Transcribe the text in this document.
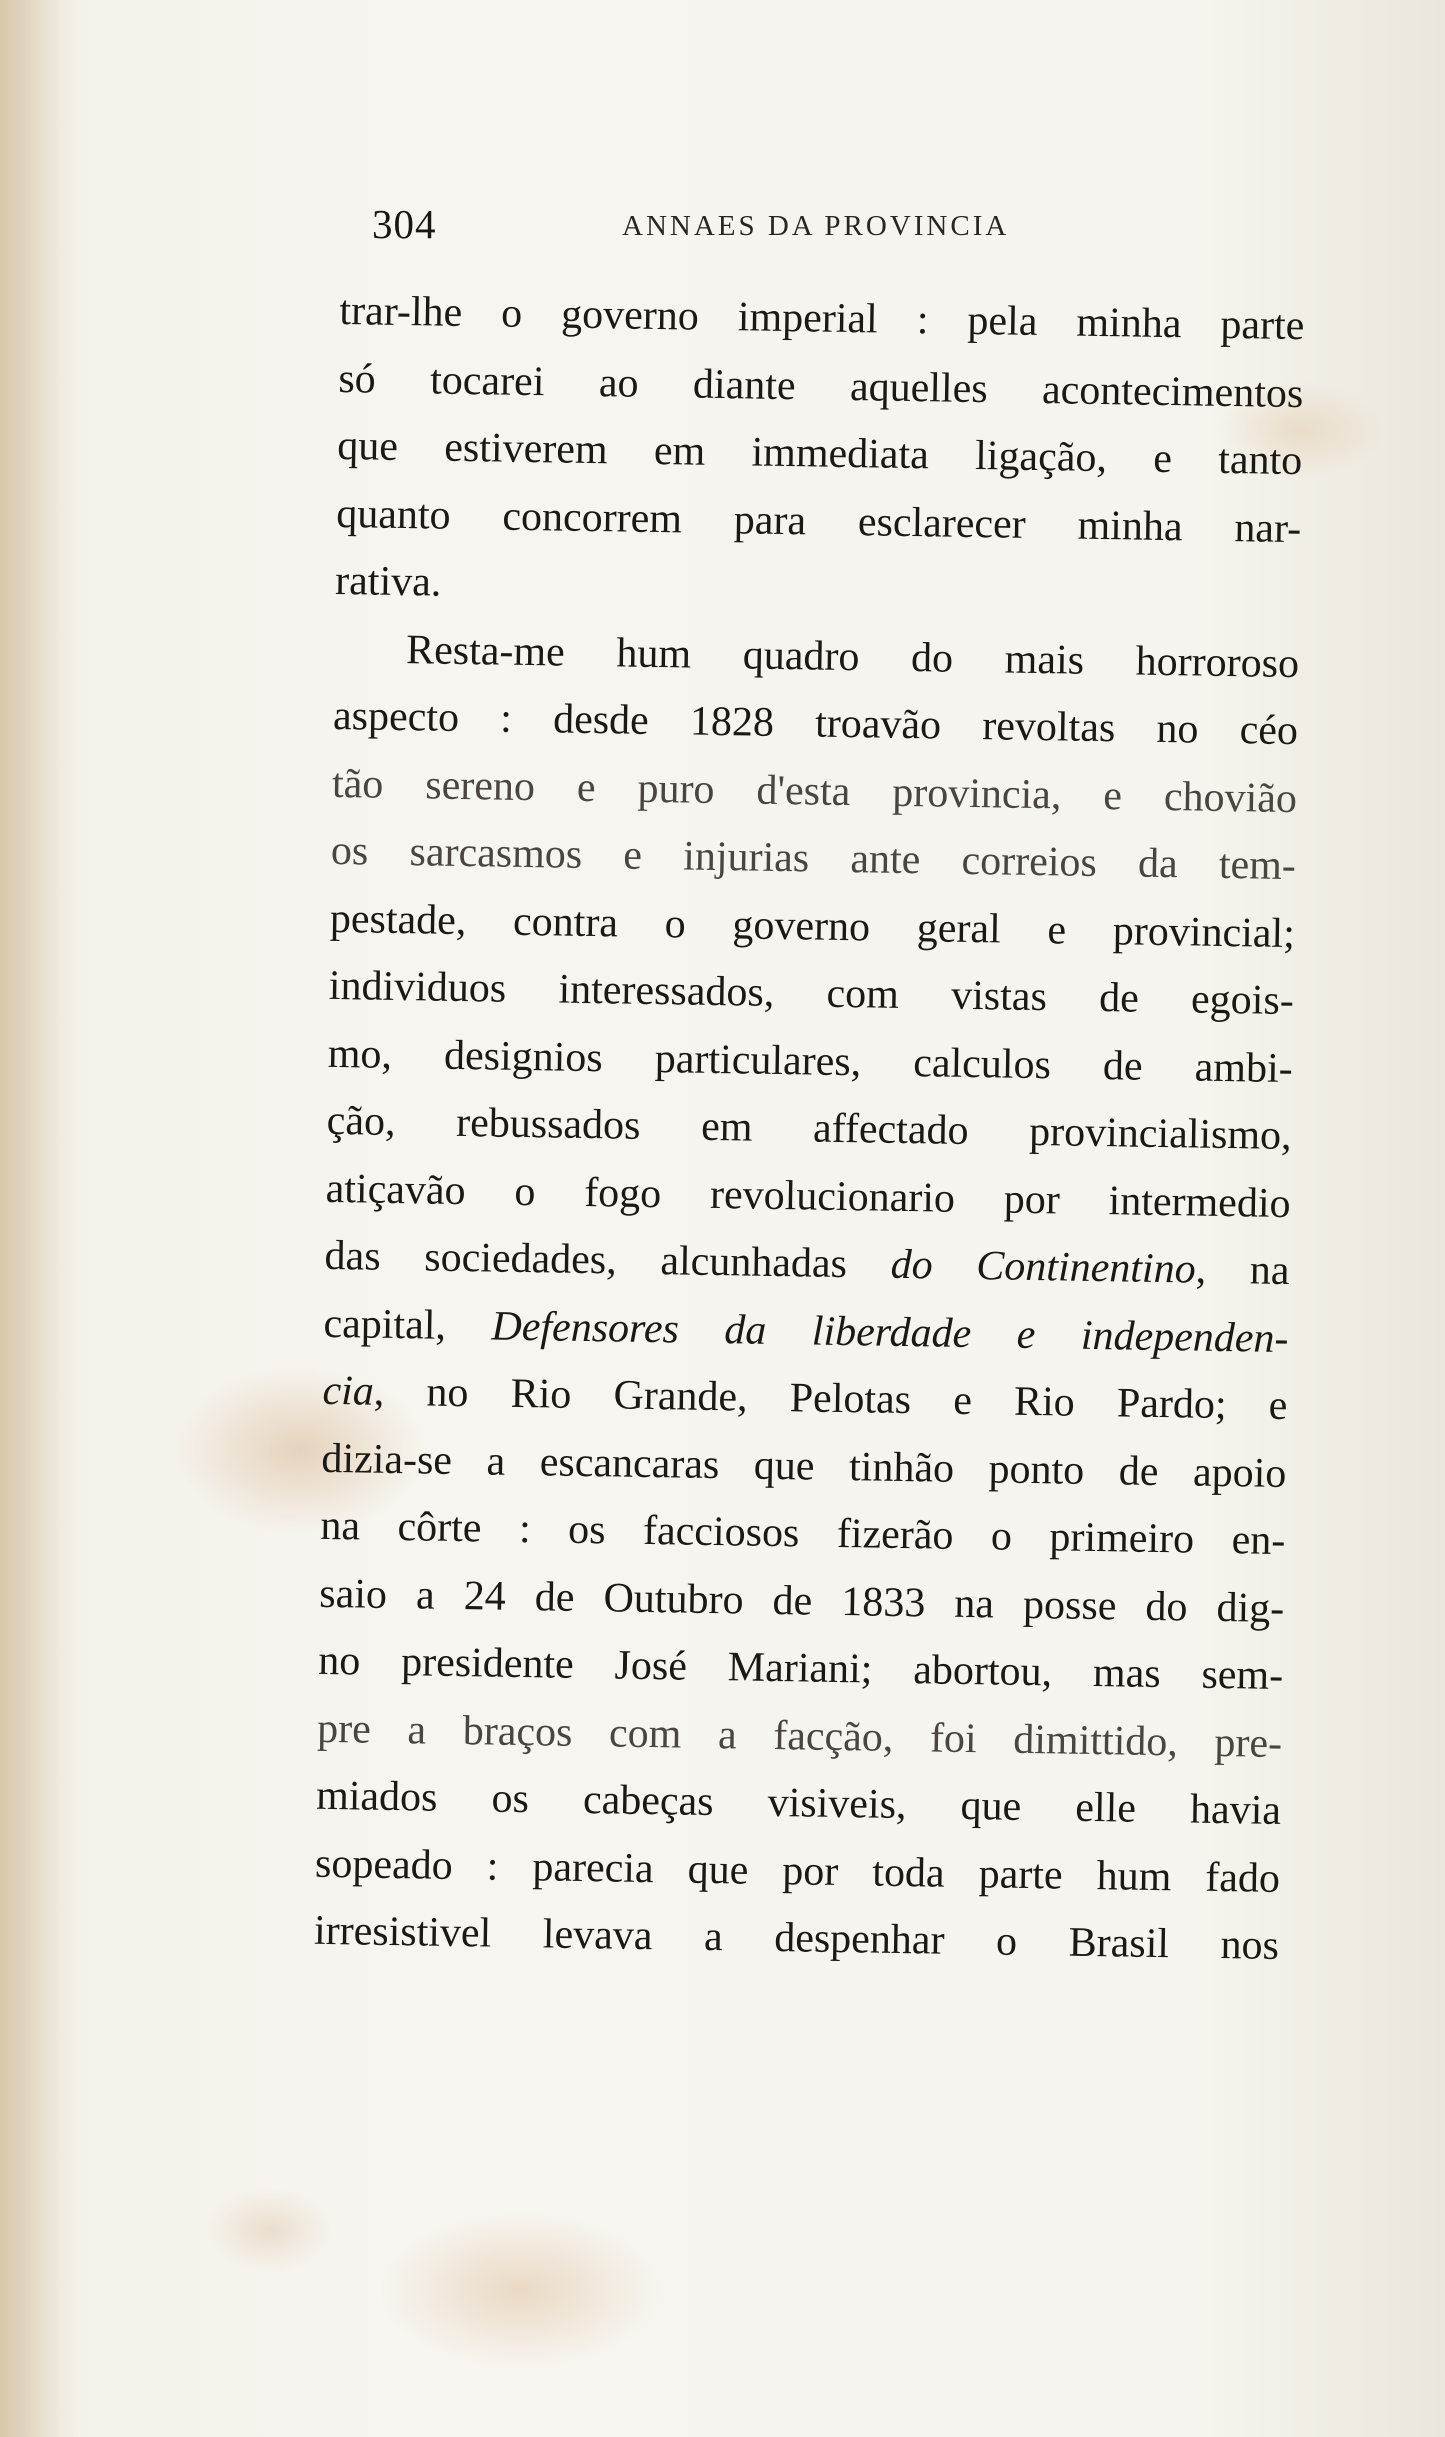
304	ANNAES DA PROVINCIA
trar-lhe o governo imperial : pela minha parte
só tocarei ao diante aquelles acontecimentos
que estiverem em immediata ligação, e tanto
quanto concorrem para esclarecer minha nar-
rativa.
Resta-me hum quadro do mais horroroso
aspecto : desde 1828 troavão revoltas no céo
tão sereno e puro d'esta provincia, e chovião
os sarcasmos e injurias ante correios da tem-
pestade, contra o governo geral e provincial;
individuos interessados, com vistas de egois-
mo, designios particulares, calculos de ambi-
ção, rebussados em affectado provincialismo,
atiçavão o fogo revolucionario por intermedio
das sociedades, alcunhadas do Continentino, na
capital, Defensores da liberdade e independen-
cia, no Rio Grande, Pelotas e Rio Pardo; e
dizia-se a escancaras que tinhão ponto de apoio
na côrte : os facciosos fizerão o primeiro en-
saio a 24 de Outubro de 1833 na posse do dig-
no presidente José Mariani; abortou, mas sem-
pre a braços com a facção, foi dimittido, pre-
miados os cabeças visiveis, que elle havia
sopeado : parecia que por toda parte hum fado
irresistivel levava a despenhar o Brasil nos
